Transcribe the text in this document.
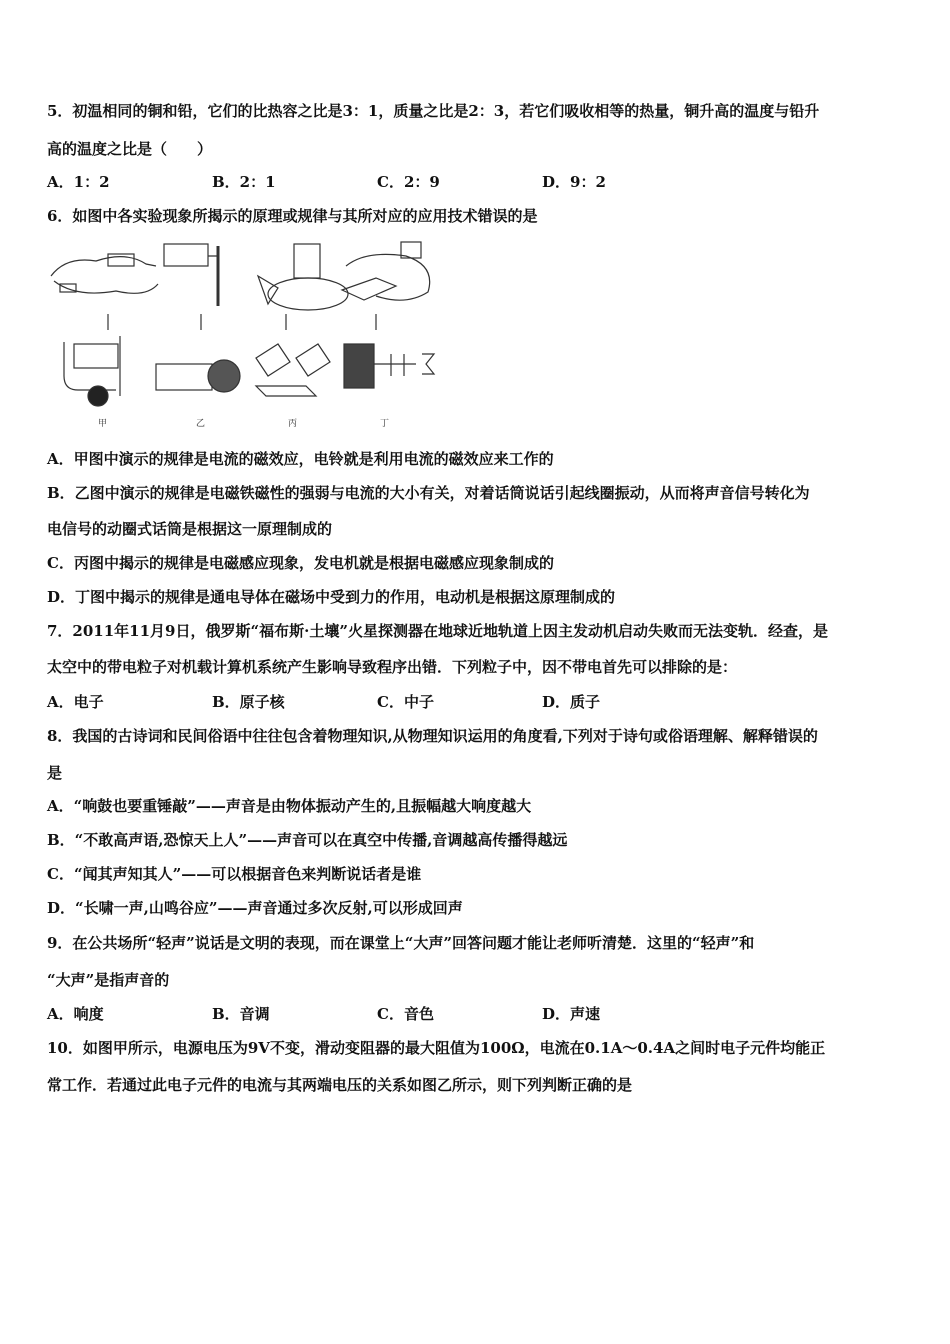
5．初温相同的铜和铅，它们的比热容之比是3：1，质量之比是2：3，若它们吸收相等的热量，铜升高的温度与铅升
高的温度之比是（　　）
A．1：2	B．2：1	C．2：9	D．9：2
6．如图中各实验现象所揭示的原理或规律与其所对应的应用技术错误的是
甲	乙	丙	丁
A．甲图中演示的规律是电流的磁效应，电铃就是利用电流的磁效应来工作的
B．乙图中演示的规律是电磁铁磁性的强弱与电流的大小有关，对着话筒说话引起线圈振动，从而将声音信号转化为
电信号的动圈式话筒是根据这一原理制成的
C．丙图中揭示的规律是电磁感应现象，发电机就是根据电磁感应现象制成的
D．丁图中揭示的规律是通电导体在磁场中受到力的作用，电动机是根据这原理制成的
7．2011年11月9日，俄罗斯“福布斯·土壤”火星探测器在地球近地轨道上因主发动机启动失败而无法变轨．经查，是
太空中的带电粒子对机载计算机系统产生影响导致程序出错．下列粒子中，因不带电首先可以排除的是：
A．电子	B．原子核	C．中子	D．质子
8．我国的古诗词和民间俗语中往往包含着物理知识,从物理知识运用的角度看,下列对于诗句或俗语理解、解释错误的
是
A．“响鼓也要重锤敲”——声音是由物体振动产生的,且振幅越大响度越大
B．“不敢高声语,恐惊天上人”——声音可以在真空中传播,音调越高传播得越远
C．“闻其声知其人”——可以根据音色来判断说话者是谁
D．“长啸一声,山鸣谷应”——声音通过多次反射,可以形成回声
9．在公共场所“轻声”说话是文明的表现，而在课堂上“大声”回答问题才能让老师听清楚．这里的“轻声”和
“大声”是指声音的
A．响度	B．音调	C．音色	D．声速
10．如图甲所示，电源电压为9V不变，滑动变阻器的最大阻值为100Ω，电流在0.1A～0.4A之间时电子元件均能正
常工作．若通过此电子元件的电流与其两端电压的关系如图乙所示，则下列判断正确的是
